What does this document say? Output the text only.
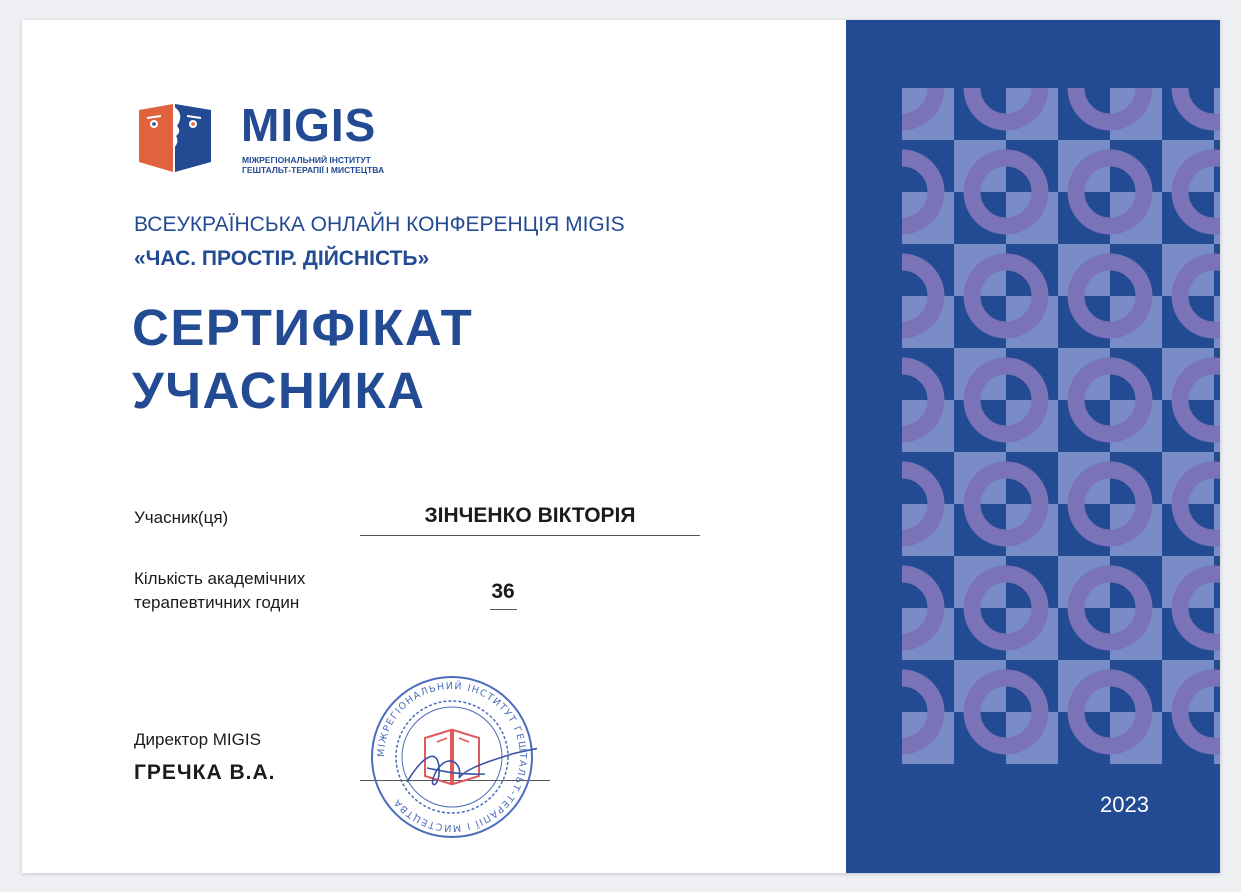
MIGIS
МІЖРЕГІОНАЛЬНИЙ ІНСТИТУТ
ГЕШТАЛЬТ-ТЕРАПІЇ І МИСТЕЦТВА
ВСЕУКРАЇНСЬКА ОНЛАЙН КОНФЕРЕНЦІЯ MIGIS
«ЧАС. ПРОСТІР. ДІЙСНІСТЬ»
СЕРТИФІКАТ
УЧАСНИКА
Учасник(ця)	ЗІНЧЕНКО ВІКТОРІЯ
Кількість академічних
терапевтичних годин	36
Директор MIGIS
ГРЕЧКА В.А.
МІЖРЕГІОНАЛЬНИЙ ІНСТИТУТ ГЕШТАЛЬТ-ТЕРАПІЇ І МИСТЕЦТВА	2023
